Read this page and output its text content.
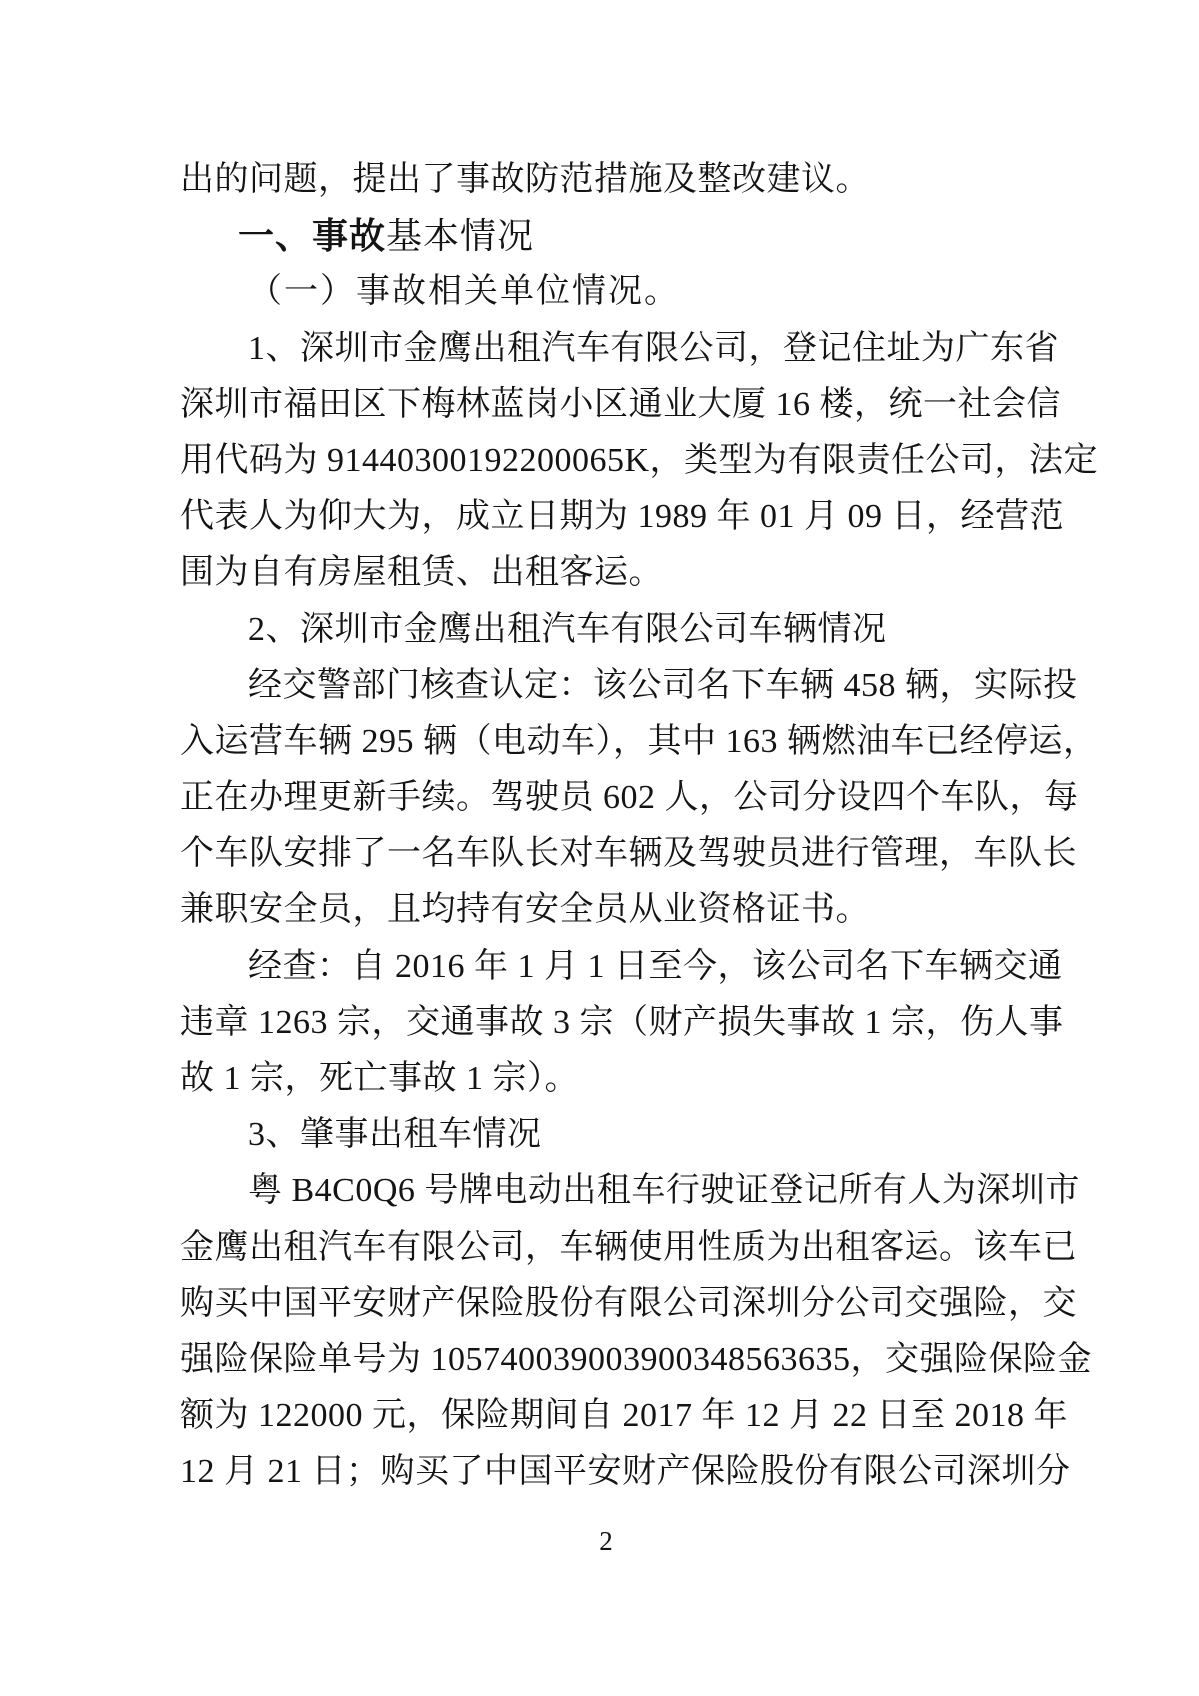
出的问题，提出了事故防范措施及整改建议。
一、事故基本情况
（一）事故相关单位情况。
1、深圳市金鹰出租汽车有限公司，登记住址为广东省
深圳市福田区下梅林蓝岗小区通业大厦 16 楼，统一社会信
用代码为 91440300192200065K，类型为有限责任公司，法定
代表人为仰大为，成立日期为 1989 年 01 月 09 日，经营范
围为自有房屋租赁、出租客运。
2、深圳市金鹰出租汽车有限公司车辆情况
经交警部门核查认定：该公司名下车辆 458 辆，实际投
入运营车辆 295 辆（电动车），其中 163 辆燃油车已经停运，
正在办理更新手续。驾驶员 602 人，公司分设四个车队，每
个车队安排了一名车队长对车辆及驾驶员进行管理，车队长
兼职安全员，且均持有安全员从业资格证书。
经查：自 2016 年 1 月 1 日至今，该公司名下车辆交通
违章 1263 宗，交通事故 3 宗（财产损失事故 1 宗，伤人事
故 1 宗，死亡事故 1 宗）。
3、肇事出租车情况
粤 B4C0Q6 号牌电动出租车行驶证登记所有人为深圳市
金鹰出租汽车有限公司，车辆使用性质为出租客运。该车已
购买中国平安财产保险股份有限公司深圳分公司交强险，交
强险保险单号为 105740039003900348563635，交强险保险金
额为 122000 元，保险期间自 2017 年 12 月 22 日至 2018 年
12 月 21 日；购买了中国平安财产保险股份有限公司深圳分
2
